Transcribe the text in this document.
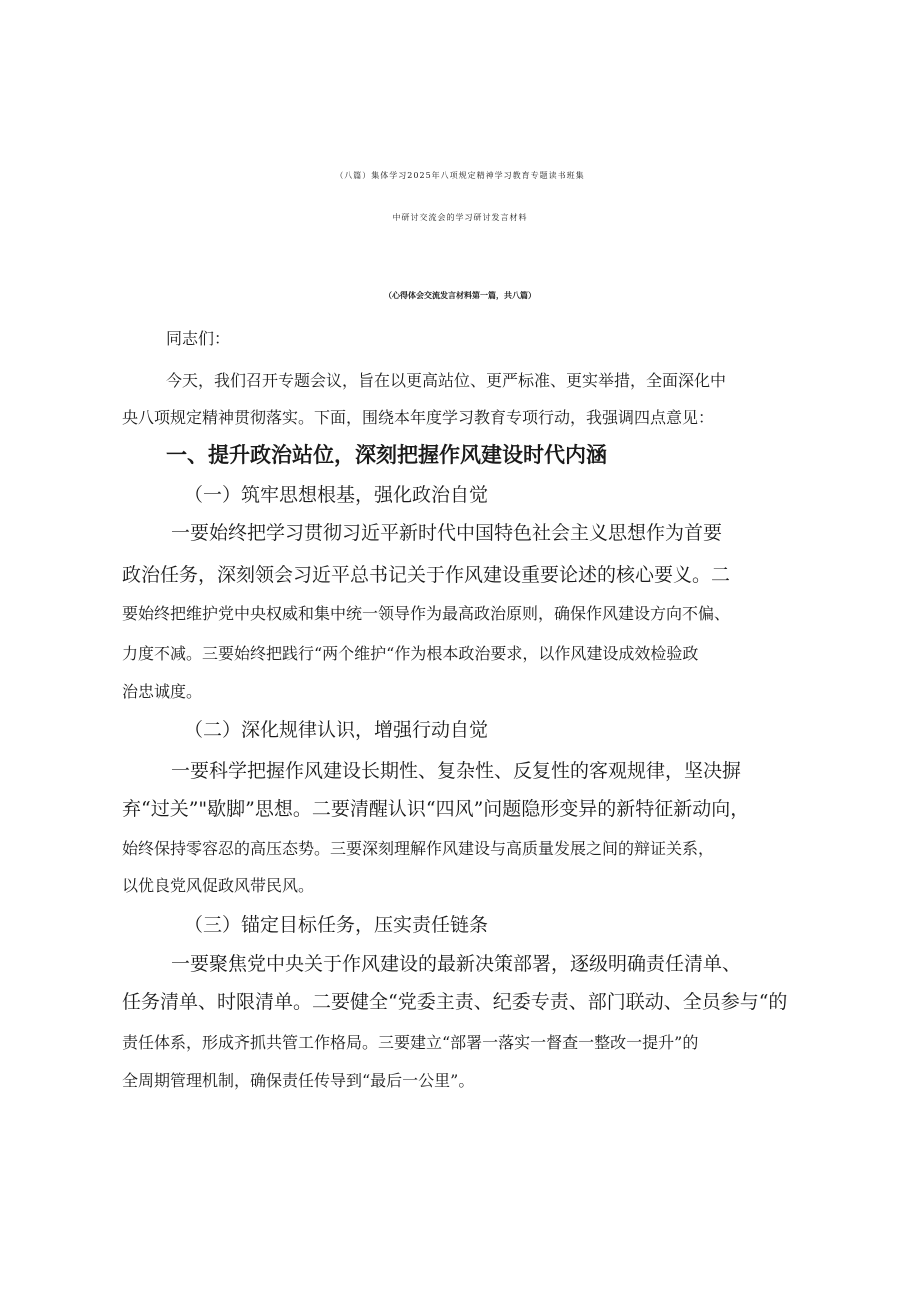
（八篇）集体学习2025年八项规定精神学习教育专题读书班集
中研讨交流会的学习研讨发言材料
（心得体会交流发言材料第一篇，共八篇）
同志们：
今天，我们召开专题会议，旨在以更高站位、更严标准、更实举措，全面深化中
央八项规定精神贯彻落实。下面，围绕本年度学习教育专项行动，我强调四点意见：
一、提升政治站位，深刻把握作风建设时代内涵
（一）筑牢思想根基，强化政治自觉
一要始终把学习贯彻习近平新时代中国特色社会主义思想作为首要
政治任务，深刻领会习近平总书记关于作风建设重要论述的核心要义。二
要始终把维护党中央权威和集中统一领导作为最高政治原则，确保作风建设方向不偏、
力度不减。三要始终把践行“两个维护“作为根本政治要求，以作风建设成效检验政
治忠诚度。
（二）深化规律认识，增强行动自觉
一要科学把握作风建设长期性、复杂性、反复性的客观规律，坚决摒
弃“过关”"歇脚”思想。二要清醒认识“四风”问题隐形变异的新特征新动向，
始终保持零容忍的高压态势。三要深刻理解作风建设与高质量发展之间的辩证关系，
以优良党风促政风带民风。
（三）锚定目标任务，压实责任链条
一要聚焦党中央关于作风建设的最新决策部署，逐级明确责任清单、
任务清单、时限清单。二要健全“党委主责、纪委专责、部门联动、全员参与“的
责任体系，形成齐抓共管工作格局。三要建立“部署一落实一督查一整改一提升”的
全周期管理机制，确保责任传导到“最后一公里”。
